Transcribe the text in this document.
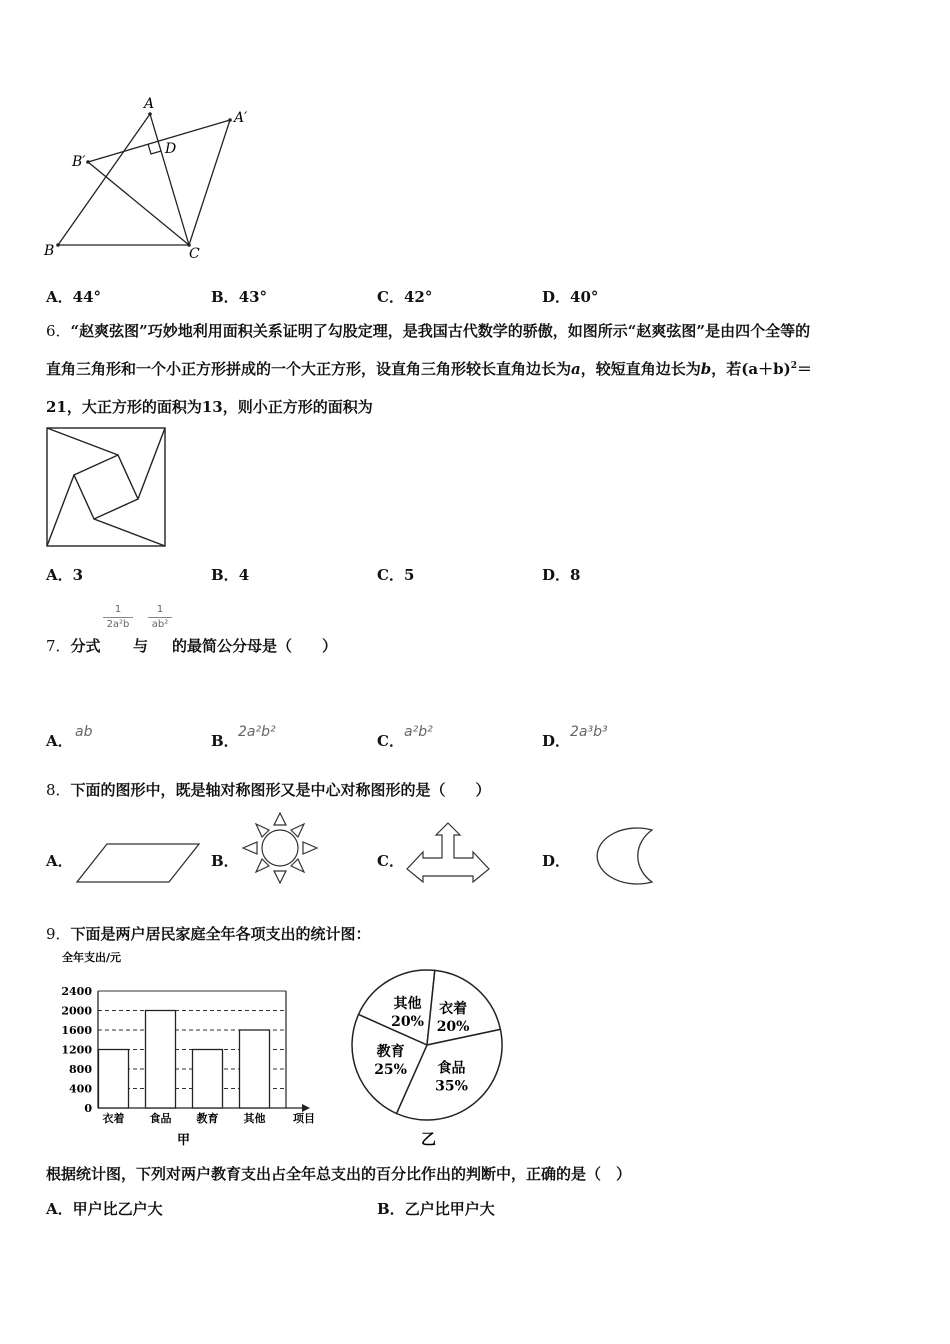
A
A′
B′
D
B	C
A．44°	B．43°	C．42°	D．40°
6．“赵爽弦图”巧妙地利用面积关系证明了勾股定理，是我国古代数学的骄傲，如图所示“赵爽弦图”是由四个全等的
直角三角形和一个小正方形拼成的一个大正方形，设直角三角形较长直角边长为a，较短直角边长为b，若$(a+b)^2=$
21，大正方形的面积为13，则小正方形的面积为
A．3	B．4	C．5	D．8
7．分式
1
2a²b
与
1
ab²
的最简公分母是（　　）
A． ab	B． 2a²b²	C． a²b²	D． 2a³b³
8．下面的图形中，既是轴对称图形又是中心对称图形的是（　　）
A．	B．	C．	D．
9．下面是两户居民家庭全年各项支出的统计图：
全年支出/元
0
400
800
1200
1600
2000
2400
衣着 食品 教育 其他	项目
甲
其他
20%
衣着
20%
食品
35%
教育
25%
乙
根据统计图，下列对两户教育支出占全年总支出的百分比作出的判断中，正确的是（　）
A．甲户比乙户大	B．乙户比甲户大
